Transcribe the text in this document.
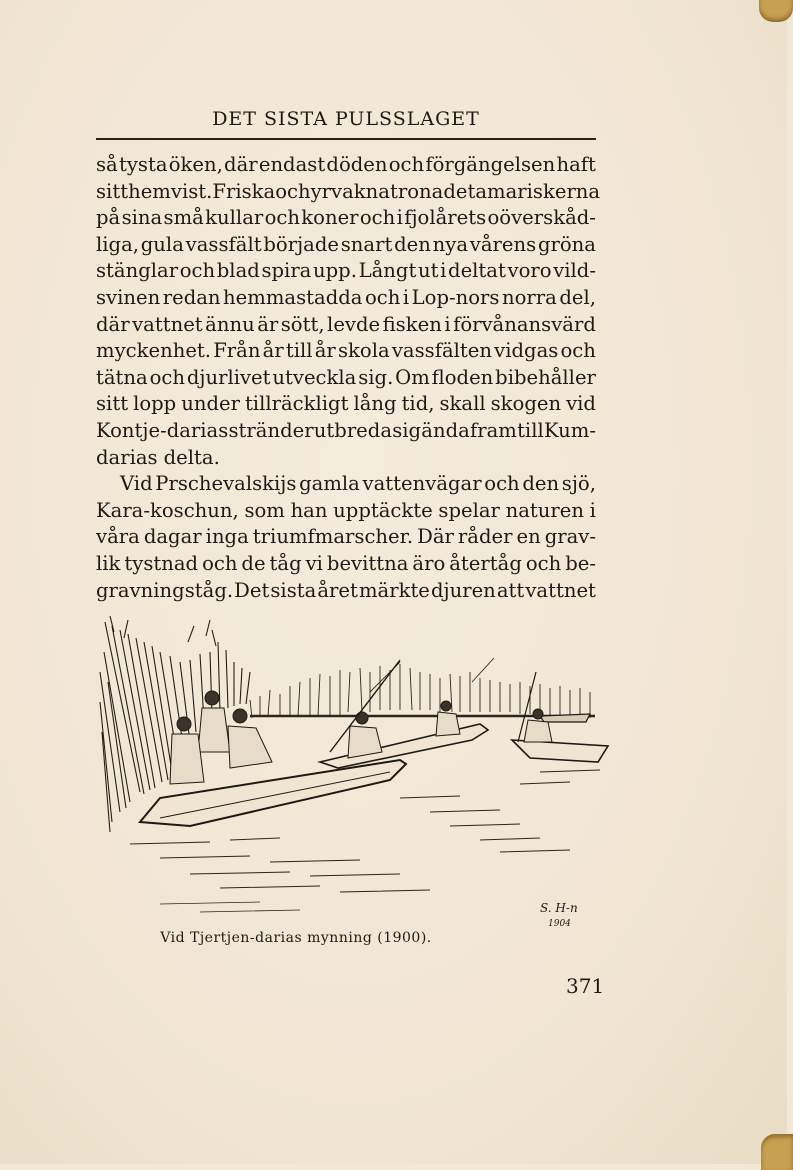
DET SISTA PULSSLAGET
så tysta öken, där endast döden och förgängelsen haft
sitt hemvist. Friska och yrvakna tronade tamariskerna
på sina små kullar och koner och i fjolårets oöverskåd-
liga, gula vassfält började snart den nya vårens gröna
stänglar och blad spira upp. Långt ut i deltat voro vild-
svinen redan hemmastadda och i Lop-nors norra del,
där vattnet ännu är sött, levde fisken i förvånansvärd
myckenhet. Från år till år skola vassfälten vidgas och
tätna och djurlivet utveckla sig. Om floden bibehåller
sitt lopp under tillräckligt lång tid, skall skogen vid
Kontje-darias stränder utbreda sig ända fram till Kum-
darias delta.
Vid Prschevalskijs gamla vattenvägar och den sjö,
Kara-koschun, som han upptäckte spelar naturen i
våra dagar inga triumfmarscher. Där råder en grav-
lik tystnad och de tåg vi bevittna äro återtåg och be-
gravningståg. Det sista året märkte djuren att vattnet
S. H-n
1904
Vid Tjertjen-darias mynning (1900).
371
